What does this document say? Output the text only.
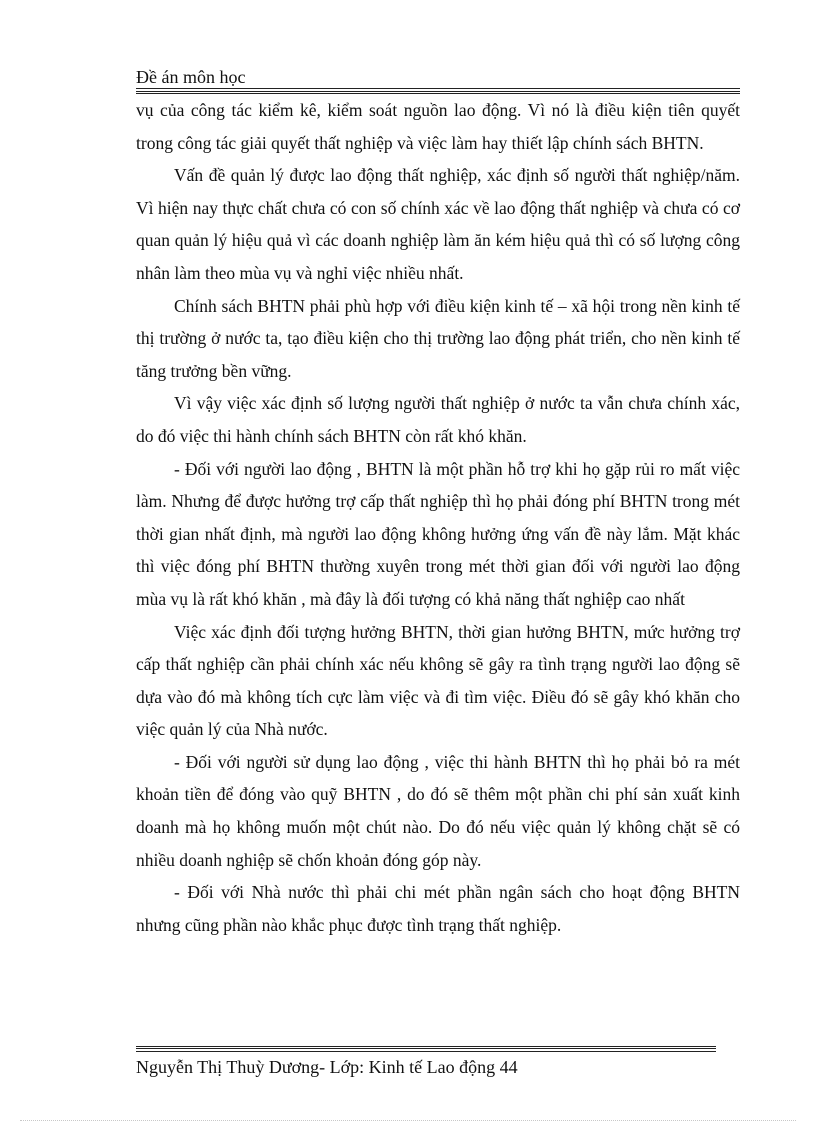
Đề án môn học

vụ của công tác kiểm kê, kiểm soát nguồn lao động. Vì nó là điều kiện tiên quyết trong công tác giải quyết thất nghiệp và việc làm hay thiết lập chính sách BHTN.

Vấn đề quản lý được lao động thất nghiệp, xác định số người thất nghiệp/năm. Vì hiện nay thực chất chưa có con số chính xác về lao động thất nghiệp và chưa có cơ quan quản lý hiệu quả vì các doanh nghiệp làm ăn kém hiệu quả thì có số lượng công nhân làm theo mùa vụ và nghỉ việc nhiều nhất.

Chính sách BHTN phải phù hợp với điều kiện kinh tế – xã hội trong nền kinh tế thị trường ở nước ta, tạo điều kiện cho thị trường lao động phát triển, cho nền kinh tế tăng trưởng bền vững.

Vì vậy việc xác định số lượng người thất nghiệp ở nước ta vẫn chưa chính xác, do đó việc thi hành chính sách BHTN còn rất khó khăn.

- Đối với người lao động , BHTN là một phần hỗ trợ khi họ gặp rủi ro mất việc làm. Nhưng để được hưởng trợ cấp thất nghiệp thì họ phải đóng phí BHTN trong mét thời gian nhất định, mà người lao động không hưởng ứng vấn đề này lắm. Mặt khác thì việc đóng phí BHTN thường xuyên trong mét thời gian đối với người lao động mùa vụ là rất khó khăn , mà đây là đối tượng có khả năng thất nghiệp cao nhất

Việc xác định đối tượng hưởng BHTN, thời gian hưởng BHTN, mức hưởng trợ cấp thất nghiệp cần phải chính xác nếu không sẽ gây ra tình trạng người lao động sẽ dựa vào đó mà không tích cực làm việc và đi tìm việc. Điều đó sẽ gây khó khăn cho việc quản lý của Nhà nước.

- Đối với người sử dụng lao động , việc thi hành BHTN thì họ phải bỏ ra mét khoản tiền để đóng vào quỹ BHTN , do đó sẽ thêm một phần chi phí sản xuất kinh doanh mà họ không muốn một chút nào. Do đó nếu việc quản lý không chặt sẽ có nhiều doanh nghiệp sẽ chốn khoản đóng góp này.

- Đối với Nhà nước thì phải chi mét phần ngân sách cho hoạt động BHTN nhưng cũng phần nào khắc phục được tình trạng thất nghiệp.

Nguyễn Thị Thuỳ Dương- Lớp: Kinh tế Lao động 44
